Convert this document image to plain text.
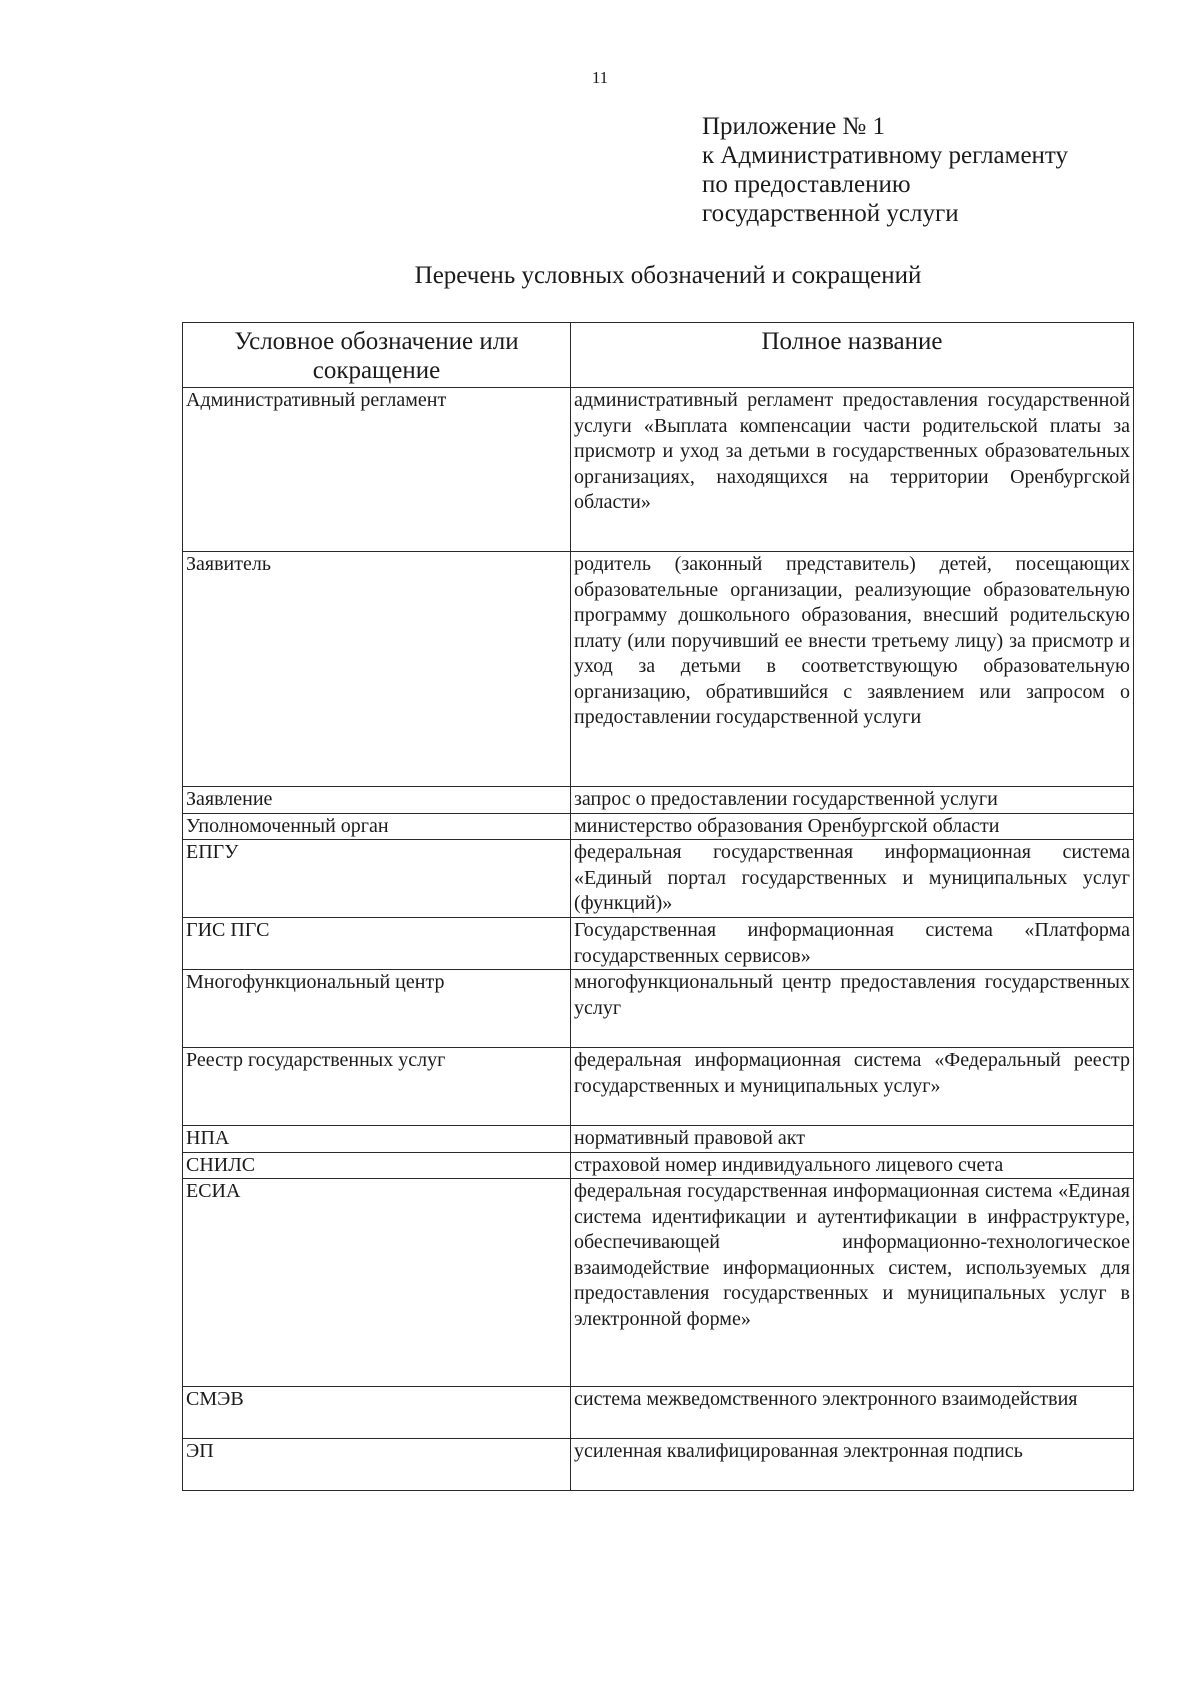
11
Приложение № 1
к Административному регламенту
по предоставлению
государственной услуги
Перечень условных обозначений и сокращений
Условное обозначение или сокращение	Полное название
Административный регламент	административный регламент предоставления государственной услуги «Выплата компенсации части родительской платы за присмотр и уход за детьми в государственных образовательных организациях, находящихся на территории Оренбургской области»
Заявитель	родитель (законный представитель) детей, посещающих образовательные организации, реализующие образовательную программу дошкольного образования, внесший родительскую плату (или поручивший ее внести третьему лицу) за присмотр и уход за детьми в соответствующую образовательную организацию, обратившийся с заявлением или запросом о предоставлении государственной услуги
Заявление	запрос о предоставлении государственной услуги
Уполномоченный орган	министерство образования Оренбургской области
ЕПГУ	федеральная государственная информационная система «Единый портал государственных и муниципальных услуг (функций)»
ГИС ПГС	Государственная информационная система «Платформа государственных сервисов»
Многофункциональный центр	многофункциональный центр предоставления государственных услуг
Реестр государственных услуг	федеральная информационная система «Федеральный реестр государственных и муниципальных услуг»
НПА	нормативный правовой акт
СНИЛС	страховой номер индивидуального лицевого счета
ЕСИА	федеральная государственная информационная система «Единая система идентификации и аутентификации в инфраструктуре, обеспечивающей информационно-технологическое взаимодействие информационных систем, используемых для предоставления государственных и муниципальных услуг в электронной форме»
СМЭВ	система межведомственного электронного взаимодействия
ЭП	усиленная квалифицированная электронная подпись
